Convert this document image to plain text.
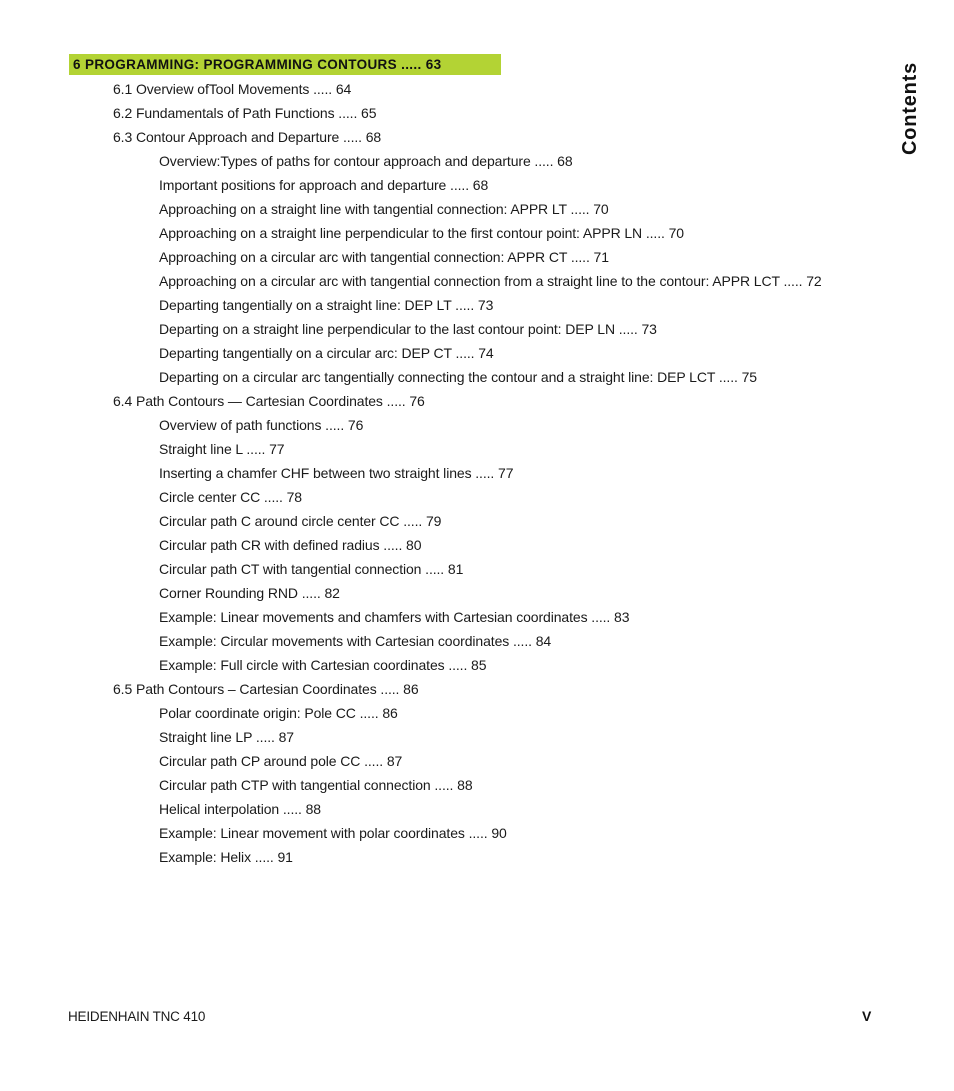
6 PROGRAMMING: PROGRAMMING CONTOURS ..... 63
6.1 Overview ofTool Movements ..... 64
6.2 Fundamentals of Path Functions ..... 65
6.3 Contour Approach and Departure ..... 68
Overview:Types of paths for contour approach and departure ..... 68
Important positions for approach and departure ..... 68
Approaching on a straight line with tangential connection: APPR LT ..... 70
Approaching on a straight line perpendicular to the first contour point: APPR LN ..... 70
Approaching on a circular arc with tangential connection: APPR CT ..... 71
Approaching on a circular arc with tangential connection from a straight line to the contour: APPR LCT ..... 72
Departing tangentially on a straight line: DEP LT ..... 73
Departing on a straight line perpendicular to the last contour point: DEP LN ..... 73
Departing tangentially on a circular arc: DEP CT ..... 74
Departing on a circular arc tangentially connecting the contour and a straight line: DEP LCT ..... 75
6.4 Path Contours — Cartesian Coordinates ..... 76
Overview of path functions ..... 76
Straight line L ..... 77
Inserting a chamfer CHF between two straight lines ..... 77
Circle center CC ..... 78
Circular path C around circle center CC ..... 79
Circular path CR with defined radius ..... 80
Circular path CT with tangential connection ..... 81
Corner Rounding RND ..... 82
Example: Linear movements and chamfers with Cartesian coordinates ..... 83
Example: Circular movements with Cartesian coordinates ..... 84
Example: Full circle with Cartesian coordinates ..... 85
6.5 Path Contours – Cartesian Coordinates ..... 86
Polar coordinate origin: Pole CC ..... 86
Straight line LP ..... 87
Circular path CP around pole CC ..... 87
Circular path CTP with tangential connection ..... 88
Helical interpolation ..... 88
Example: Linear movement with polar coordinates ..... 90
Example: Helix ..... 91
Contents
HEIDENHAIN TNC 410	V
